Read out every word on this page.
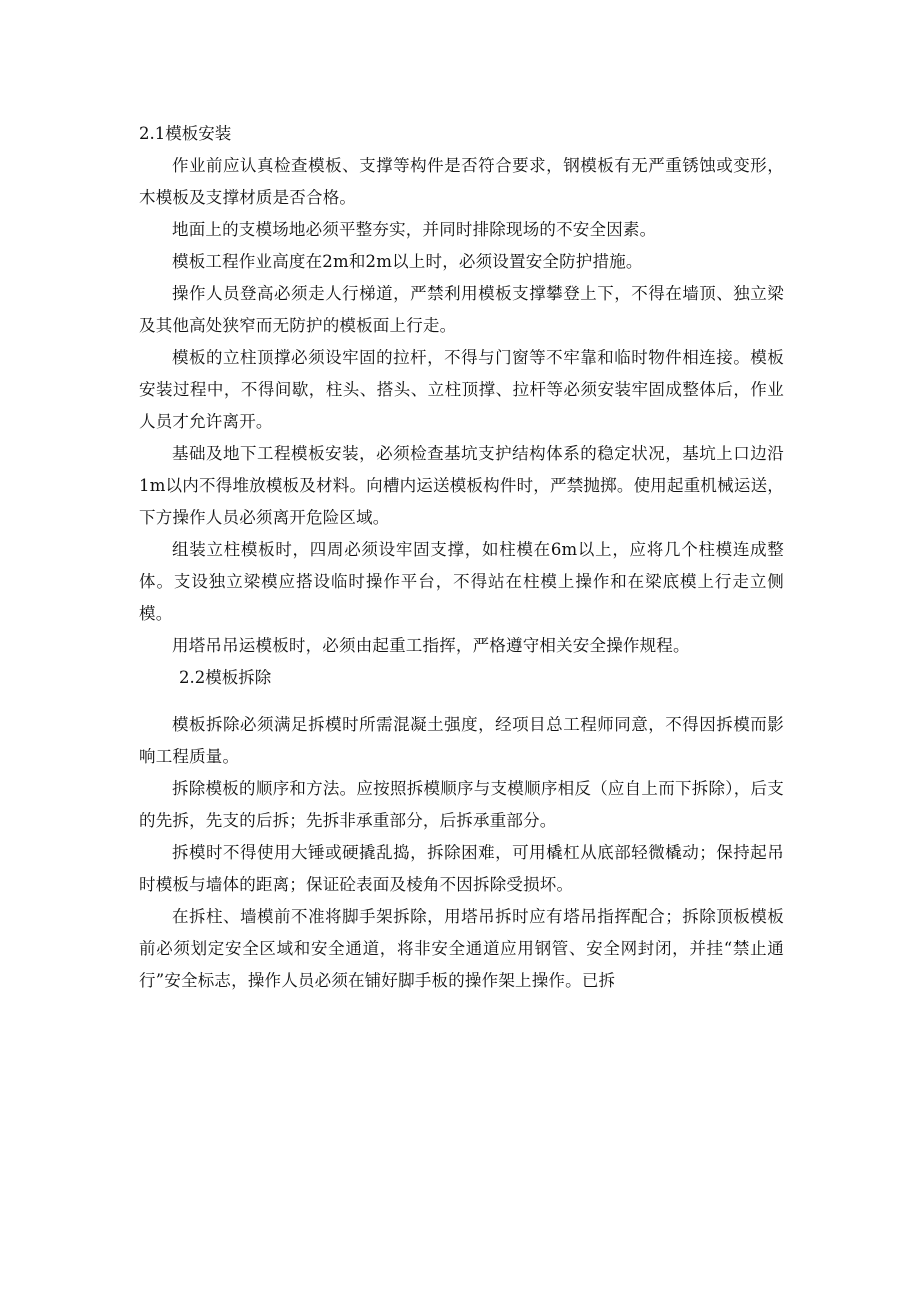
2.1模板安装

作业前应认真检查模板、支撑等构件是否符合要求，钢模板有无严重锈蚀或变形，木模板及支撑材质是否合格。

地面上的支模场地必须平整夯实，并同时排除现场的不安全因素。

模板工程作业高度在2m和2m以上时，必须设置安全防护措施。

操作人员登高必须走人行梯道，严禁利用模板支撑攀登上下，不得在墙顶、独立梁及其他高处狭窄而无防护的模板面上行走。

模板的立柱顶撑必须设牢固的拉杆，不得与门窗等不牢靠和临时物件相连接。模板安装过程中，不得间歇，柱头、搭头、立柱顶撑、拉杆等必须安装牢固成整体后，作业人员才允许离开。

基础及地下工程模板安装，必须检查基坑支护结构体系的稳定状况，基坑上口边沿1m以内不得堆放模板及材料。向槽内运送模板构件时，严禁抛掷。使用起重机械运送，下方操作人员必须离开危险区域。

组装立柱模板时，四周必须设牢固支撑，如柱模在6m以上，应将几个柱模连成整体。支设独立梁模应搭设临时操作平台，不得站在柱模上操作和在梁底模上行走立侧模。

用塔吊吊运模板时，必须由起重工指挥，严格遵守相关安全操作规程。

2.2模板拆除

模板拆除必须满足拆模时所需混凝土强度，经项目总工程师同意，不得因拆模而影响工程质量。

拆除模板的顺序和方法。应按照拆模顺序与支模顺序相反（应自上而下拆除），后支的先拆，先支的后拆；先拆非承重部分，后拆承重部分。

拆模时不得使用大锤或硬撬乱捣，拆除困难，可用橇杠从底部轻微橇动；保持起吊时模板与墙体的距离；保证砼表面及棱角不因拆除受损坏。

在拆柱、墙模前不准将脚手架拆除，用塔吊拆时应有塔吊指挥配合；拆除顶板模板前必须划定安全区域和安全通道，将非安全通道应用钢管、安全网封闭，并挂“禁止通行”安全标志，操作人员必须在铺好脚手板的操作架上操作。已拆
